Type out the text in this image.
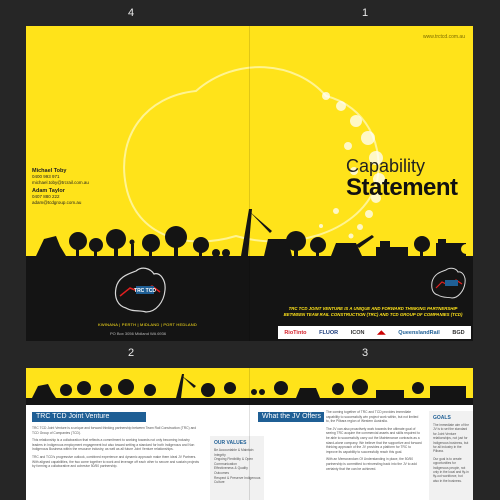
4	1
2	3
www.trctcd.com.au
Michael Toby
0400 993 971
michael.toby@trcrail.com.au
Adam Taylor
0407 880 222
adam@tcdgroup.com.au
Capability
Statement
TRC TCD
KWINANA | PERTH | MIDLAND | PORT HEDLAND
PO Box 3056 Midland WA 6936
TRC TCD JOINT VENTURE IS A UNIQUE AND FORWARD THINKING PARTNERSHIP BETWEEN TEAM RAIL CONSTRUCTION (TRC) AND TCD GROUP OF COMPANIES (TCD)
RioTinto FLUOR ICON ◢◣ QueenslandRail BGD
TRC TCD Joint Venture
TRC TCD Joint Venture is a unique and forward thinking partnership between Team Rail Construction (TRC) and TCD Group of Companies (TCD).
This relationship is a collaboration that reflects a commitment to working towards not only becoming industry leaders in Indigenous employment engagement but also toward setting a standard for both Indigenous and Non Indigenous Business within the resource industry, as well as all future Joint Venture relationships.
TRC and TCD's progressive outlook, combined experience and dynamic approach make them ideal JV Partners. With aligned capabilities, the two come together to work and leverage off each other to secure and sustain projects by forming a collaborative and cohesive 50/50 partnership.
OUR VALUES
Be Accountable & Maintain
Integrity
Ongoing Flexibility & Open
Communication
Effectiveness & Quality
Outcomes
Respect & Preserve Indigenous
Culture
What the JV Offers
The coming together of TRC and TCD provides immediate capability to successfully win project work within, but not limited to, the Pilbara region of Western Australia.
The JV can also proactively work towards the ultimate goal of seeing TRC acquire the commercial assets and skills required to be able to successfully carry out the Maintenance contracts as a stand-alone company. We believe that the supportive and forward thinking approach of the JV provides a platform for TRC to improve its capability to successfully reach this goal.
With an Memorandum Of Understanding in place, the 50/50 partnership is committed to reinvesting back into the JV to add certainty that the can be achieved.
GOALS
The immediate aim of the JV is to set the standard for Joint Venture relationships, not just for Indigenous business, but for all industry in the Pilbara.
Our goal is to create opportunities for Indigenous people, not only in the local and fly-in fly-out workforce, but also in the business.
